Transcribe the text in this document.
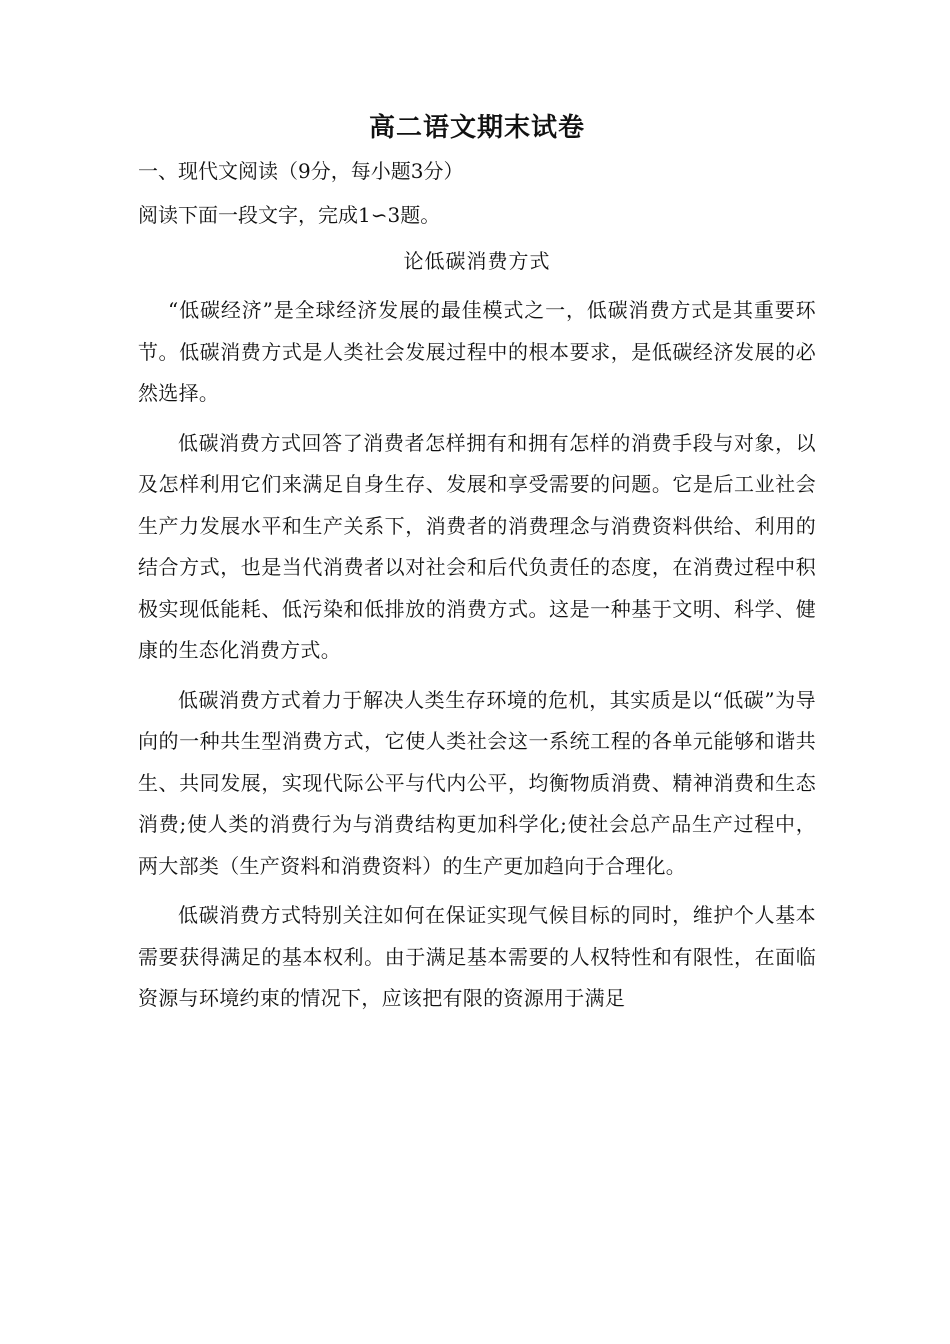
高二语文期末试卷
一、现代文阅读（9分，每小题3分）
阅读下面一段文字，完成1∽3题。
论低碳消费方式

“低碳经济”是全球经济发展的最佳模式之一，低碳消费方式是其重要环节。低碳消费方式是人类社会发展过程中的根本要求，是低碳经济发展的必然选择。

低碳消费方式回答了消费者怎样拥有和拥有怎样的消费手段与对象，以及怎样利用它们来满足自身生存、发展和享受需要的问题。它是后工业社会生产力发展水平和生产关系下，消费者的消费理念与消费资料供给、利用的结合方式，也是当代消费者以对社会和后代负责任的态度，在消费过程中积极实现低能耗、低污染和低排放的消费方式。这是一种基于文明、科学、健康的生态化消费方式。

低碳消费方式着力于解决人类生存环境的危机，其实质是以“低碳”为导向的一种共生型消费方式，它使人类社会这一系统工程的各单元能够和谐共生、共同发展，实现代际公平与代内公平，均衡物质消费、精神消费和生态消费;使人类的消费行为与消费结构更加科学化;使社会总产品生产过程中，两大部类（生产资料和消费资料）的生产更加趋向于合理化。

低碳消费方式特别关注如何在保证实现气候目标的同时，维护个人基本需要获得满足的基本权利。由于满足基本需要的人权特性和有限性，在面临资源与环境约束的情况下，应该把有限的资源用于满足
